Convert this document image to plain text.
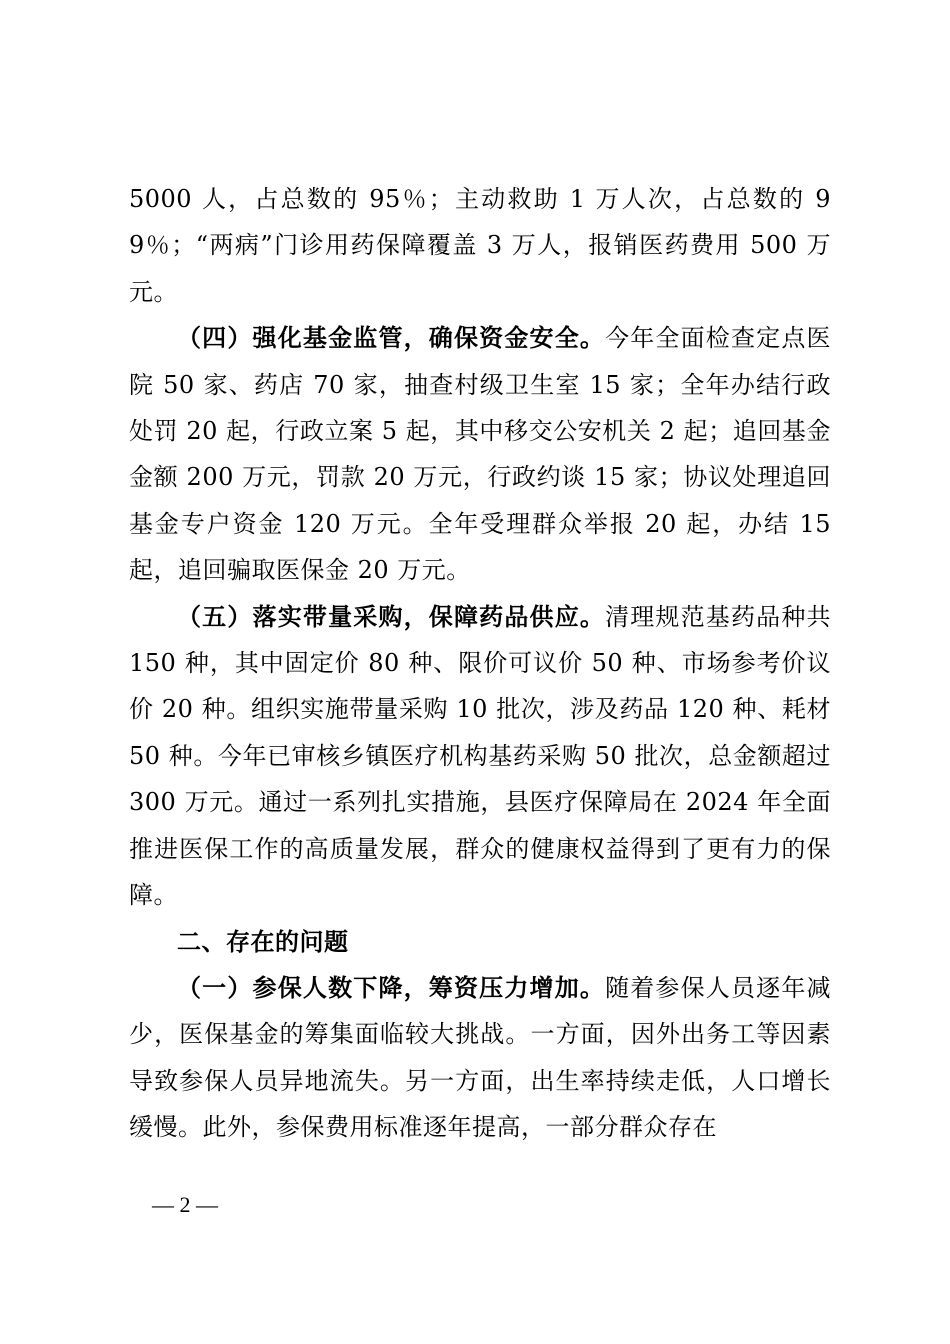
5000 人，占总数的 95％；主动救助 1 万人次，占总数的 99％；“两病”门诊用药保障覆盖 3 万人，报销医药费用 500 万元。

（四）强化基金监管，确保资金安全。今年全面检查定点医院 50 家、药店 70 家，抽查村级卫生室 15 家；全年办结行政处罚 20 起，行政立案 5 起，其中移交公安机关 2 起；追回基金金额 200 万元，罚款 20 万元，行政约谈 15 家；协议处理追回基金专户资金 120 万元。全年受理群众举报 20 起，办结 15 起，追回骗取医保金 20 万元。

（五）落实带量采购，保障药品供应。清理规范基药品种共 150 种，其中固定价 80 种、限价可议价 50 种、市场参考价议价 20 种。组织实施带量采购 10 批次，涉及药品 120 种、耗材 50 种。今年已审核乡镇医疗机构基药采购 50 批次，总金额超过 300 万元。通过一系列扎实措施，县医疗保障局在 2024 年全面推进医保工作的高质量发展，群众的健康权益得到了更有力的保障。

二、存在的问题

（一）参保人数下降，筹资压力增加。随着参保人员逐年减少，医保基金的筹集面临较大挑战。一方面，因外出务工等因素导致参保人员异地流失。另一方面，出生率持续走低，人口增长缓慢。此外，参保费用标准逐年提高，一部分群众存在

— 2 —
